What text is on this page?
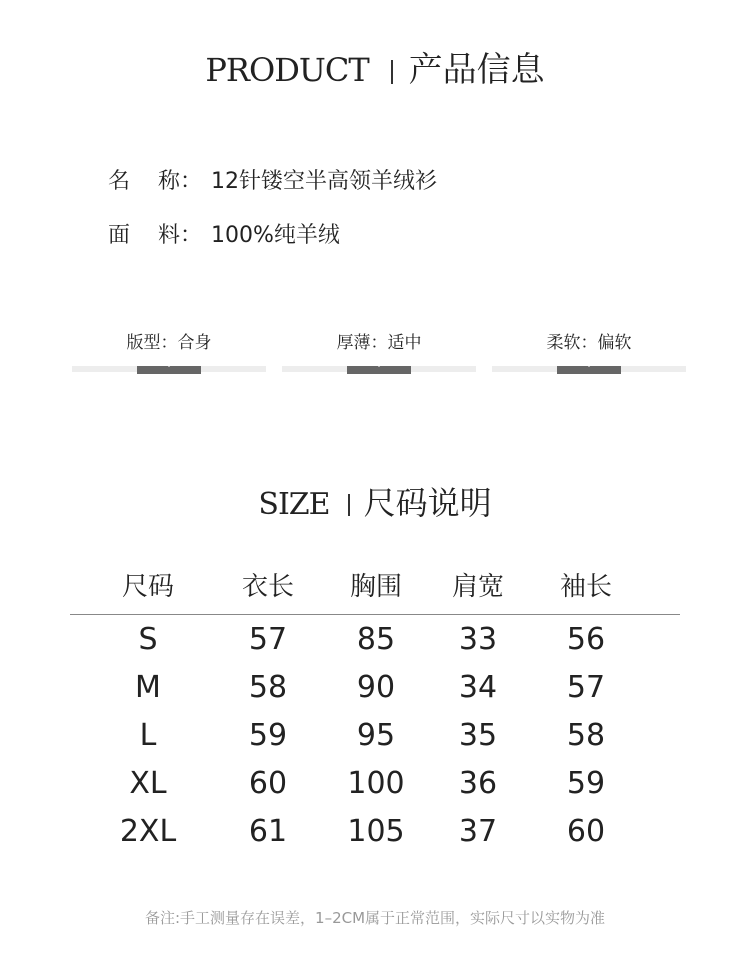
PRODUCT 产品信息
名 称： 12针镂空半高领羊绒衫
面 料： 100%纯羊绒
版型：合身	厚薄：适中	柔软：偏软
SIZE 尺码说明
尺码	衣长	胸围	肩宽	袖长
S	57	85	33	56
M	58	90	34	57
L	59	95	35	58
XL	60	100	36	59
2XL	61	105	37	60
备注:手工测量存在误差，1–2CM属于正常范围，实际尺寸以实物为准
